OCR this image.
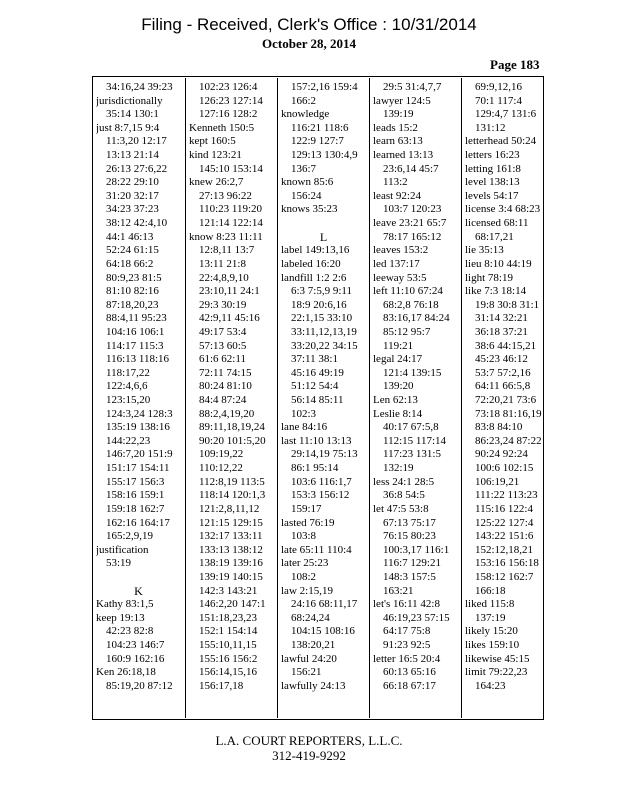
Filing - Received, Clerk's Office : 10/31/2014
October 28, 2014
Page 183
34:16,24 39:23
jurisdictionally
35:14 130:1
just 8:7,15 9:4
11:3,20 12:17
13:13 21:14
26:13 27:6,22
28:22 29:10
31:20 32:17
34:23 37:23
38:12 42:4,10
44:1 46:13
52:24 61:15
64:18 66:2
80:9,23 81:5
81:10 82:16
87:18,20,23
88:4,11 95:23
104:16 106:1
114:17 115:3
116:13 118:16
118:17,22
122:4,6,6
123:15,20
124:3,24 128:3
135:19 138:16
144:22,23
146:7,20 151:9
151:17 154:11
155:17 156:3
158:16 159:1
159:18 162:7
162:16 164:17
165:2,9,19
justification
53:19
K
Kathy 83:1,5
keep 19:13
42:23 82:8
104:23 146:7
160:9 162:16
Ken 26:18,18
85:19,20 87:12
102:23 126:4
126:23 127:14
127:16 128:2
Kenneth 150:5
kept 160:5
kind 123:21
145:10 153:14
knew 26:2,7
27:13 96:22
110:23 119:20
121:14 122:14
know 8:23 11:11
12:8,11 13:7
13:11 21:8
22:4,8,9,10
23:10,11 24:1
29:3 30:19
42:9,11 45:16
49:17 53:4
57:13 60:5
61:6 62:11
72:11 74:15
80:24 81:10
84:4 87:24
88:2,4,19,20
89:11,18,19,24
90:20 101:5,20
109:19,22
110:12,22
112:8,19 113:5
118:14 120:1,3
121:2,8,11,12
121:15 129:15
132:17 133:11
133:13 138:12
138:19 139:16
139:19 140:15
142:3 143:21
146:2,20 147:1
151:18,23,23
152:1 154:14
155:10,11,15
155:16 156:2
156:14,15,16
156:17,18
157:2,16 159:4
166:2
knowledge
116:21 118:6
122:9 127:7
129:13 130:4,9
136:7
known 85:6
156:24
knows 35:23
L
label 149:13,16
labeled 16:20
landfill 1:2 2:6
6:3 7:5,9 9:11
18:9 20:6,16
22:1,15 33:10
33:11,12,13,19
33:20,22 34:15
37:11 38:1
45:16 49:19
51:12 54:4
56:14 85:11
102:3
lane 84:16
last 11:10 13:13
29:14,19 75:13
86:1 95:14
103:6 116:1,7
153:3 156:12
159:17
lasted 76:19
103:8
late 65:11 110:4
later 25:23
108:2
law 2:15,19
24:16 68:11,17
68:24,24
104:15 108:16
138:20,21
lawful 24:20
156:21
lawfully 24:13
29:5 31:4,7,7
lawyer 124:5
139:19
leads 15:2
learn 63:13
learned 13:13
23:6,14 45:7
113:2
least 92:24
103:7 120:23
leave 23:21 65:7
78:17 165:12
leaves 153:2
led 137:17
leeway 53:5
left 11:10 67:24
68:2,8 76:18
83:16,17 84:24
85:12 95:7
119:21
legal 24:17
121:4 139:15
139:20
Len 62:13
Leslie 8:14
40:17 67:5,8
112:15 117:14
117:23 131:5
132:19
less 24:1 28:5
36:8 54:5
let 47:5 53:8
67:13 75:17
76:15 80:23
100:3,17 116:1
116:7 129:21
148:3 157:5
163:21
let's 16:11 42:8
46:19,23 57:15
64:17 75:8
91:23 92:5
letter 16:5 20:4
60:13 65:16
66:18 67:17
69:9,12,16
70:1 117:4
129:4,7 131:6
131:12
letterhead 50:24
letters 16:23
letting 161:8
level 138:13
levels 54:17
license 3:4 68:23
licensed 68:11
68:17,21
lie 35:13
lieu 8:10 44:19
light 78:19
like 7:3 18:14
19:8 30:8 31:1
31:14 32:21
36:18 37:21
38:6 44:15,21
45:23 46:12
53:7 57:2,16
64:11 66:5,8
72:20,21 73:6
73:18 81:16,19
83:8 84:10
86:23,24 87:22
90:24 92:24
100:6 102:15
106:19,21
111:22 113:23
115:16 122:4
125:22 127:4
143:22 151:6
152:12,18,21
153:16 156:18
158:12 162:7
166:18
liked 115:8
137:19
likely 15:20
likes 159:10
likewise 45:15
limit 79:22,23
164:23
L.A. COURT REPORTERS, L.L.C.
312-419-9292
